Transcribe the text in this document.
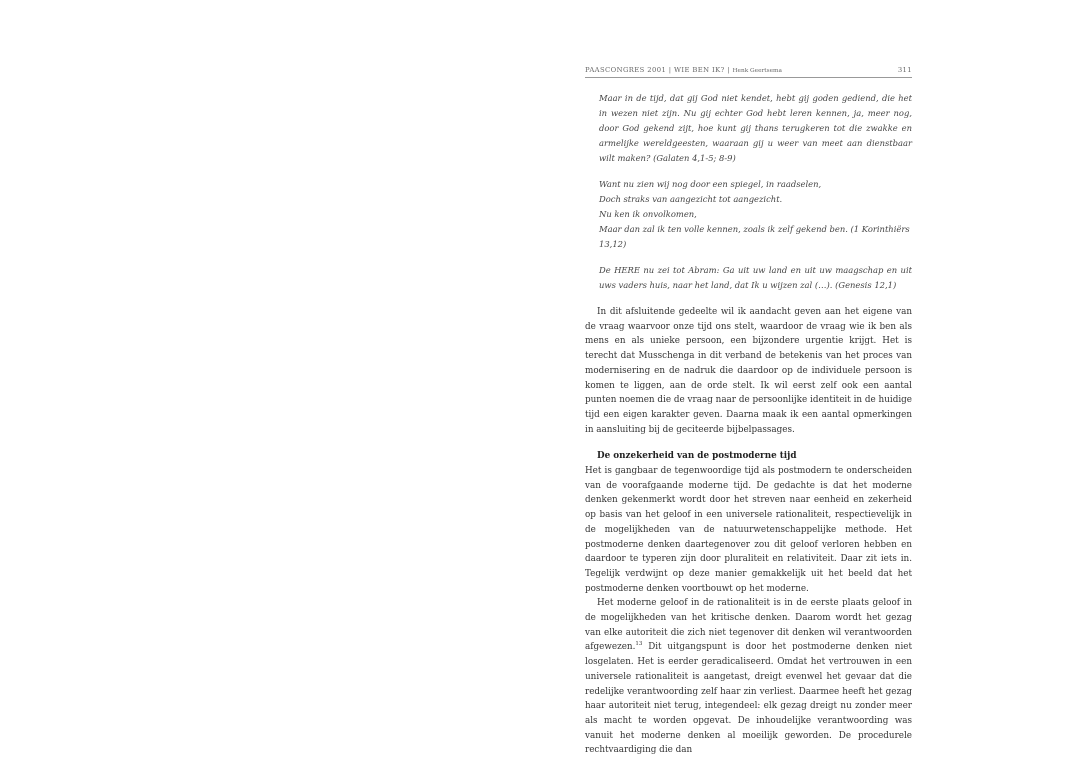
PAASCONGRES 2001 | WIE BEN IK? | Henk Geertsema	311
Maar in de tijd, dat gij God niet kendet, hebt gij goden gediend, die het in wezen niet zijn. Nu gij echter God hebt leren kennen, ja, meer nog, door God gekend zijt, hoe kunt gij thans terugkeren tot die zwakke en armelijke wereldgeesten, waaraan gij u weer van meet aan dienstbaar wilt maken? (Galaten 4,1-5; 8-9)
Want nu zien wij nog door een spiegel, in raadselen,
Doch straks van aangezicht tot aangezicht.
Nu ken ik onvolkomen,
Maar dan zal ik ten volle kennen, zoals ik zelf gekend ben. (1 Korinthiërs 13,12)
De HERE nu zei tot Abram: Ga uit uw land en uit uw maagschap en uit uws vaders huis, naar het land, dat Ik u wijzen zal (…). (Genesis 12,1)

In dit afsluitende gedeelte wil ik aandacht geven aan het eigene van de vraag waarvoor onze tijd ons stelt, waardoor de vraag wie ik ben als mens en als unieke persoon, een bijzondere urgentie krijgt. Het is terecht dat Musschenga in dit verband de betekenis van het proces van modernisering en de nadruk die daardoor op de individuele persoon is komen te liggen, aan de orde stelt. Ik wil eerst zelf ook een aantal punten noemen die de vraag naar de persoonlijke identiteit in de huidige tijd een eigen karakter geven. Daarna maak ik een aantal opmerkingen in aansluiting bij de geciteerde bijbelpassages.

De onzekerheid van de postmoderne tijd

Het is gangbaar de tegenwoordige tijd als postmodern te onderscheiden van de voorafgaande moderne tijd. De gedachte is dat het moderne denken gekenmerkt wordt door het streven naar eenheid en zekerheid op basis van het geloof in een universele rationaliteit, respectievelijk in de mogelijkheden van de natuurwetenschappelijke methode. Het postmoderne denken daartegenover zou dit geloof verloren hebben en daardoor te typeren zijn door pluraliteit en relativiteit. Daar zit iets in. Tegelijk verdwijnt op deze manier gemakkelijk uit het beeld dat het postmoderne denken voortbouwt op het moderne.

Het moderne geloof in de rationaliteit is in de eerste plaats geloof in de mogelijkheden van het kritische denken. Daarom wordt het gezag van elke autoriteit die zich niet tegenover dit denken wil verantwoorden afgewezen.$^{13}$ Dit uitgangspunt is door het postmoderne denken niet losgelaten. Het is eerder geradicaliseerd. Omdat het vertrouwen in een universele rationaliteit is aangetast, dreigt evenwel het gevaar dat die redelijke verantwoording zelf haar zin verliest. Daarmee heeft het gezag haar autoriteit niet terug, integendeel: elk gezag dreigt nu zonder meer als macht te worden opgevat. De inhoudelijke verantwoording was vanuit het moderne denken al moeilijk geworden. De procedurele rechtvaardiging die dan
